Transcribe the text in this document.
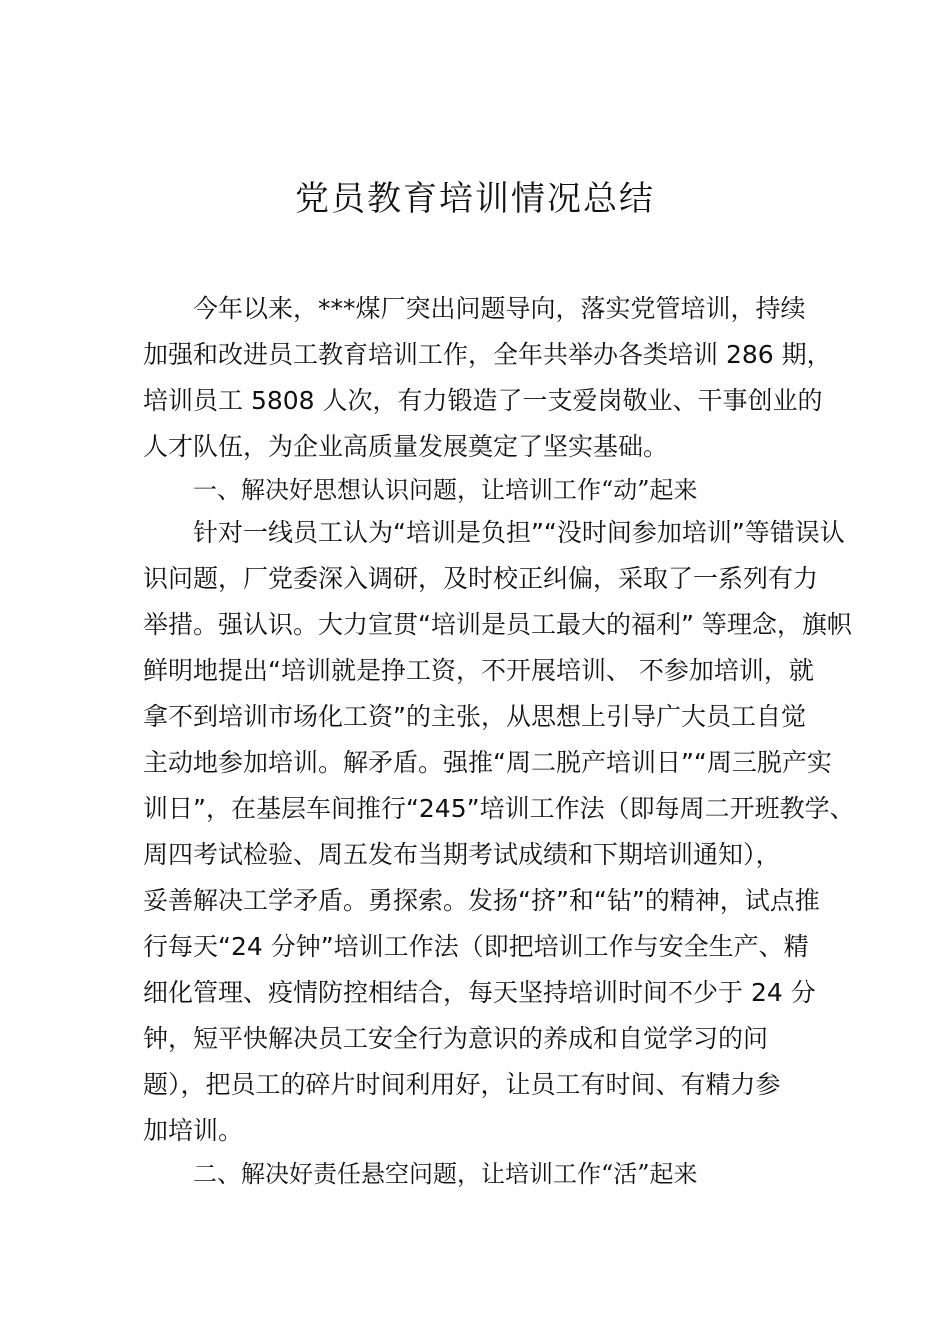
党员教育培训情况总结
今年以来，***煤厂突出问题导向，落实党管培训，持续
加强和改进员工教育培训工作，全年共举办各类培训 286 期，
培训员工 5808 人次，有力锻造了一支爱岗敬业、干事创业的
人才队伍，为企业高质量发展奠定了坚实基础。
一、解决好思想认识问题，让培训工作“动”起来
针对一线员工认为“培训是负担”“没时间参加培训”等错误认
识问题，厂党委深入调研，及时校正纠偏，采取了一系列有力
举措。强认识。大力宣贯“培训是员工最大的福利” 等理念，旗帜
鲜明地提出“培训就是挣工资，不开展培训、 不参加培训，就
拿不到培训市场化工资”的主张，从思想上引导广大员工自觉
主动地参加培训。解矛盾。强推“周二脱产培训日”“周三脱产实
训日”，在基层车间推行“245”培训工作法（即每周二开班教学、
周四考试检验、周五发布当期考试成绩和下期培训通知），
妥善解决工学矛盾。勇探索。发扬“挤”和“钻”的精神，试点推
行每天“24 分钟”培训工作法（即把培训工作与安全生产、精
细化管理、疫情防控相结合，每天坚持培训时间不少于 24 分
钟，短平快解决员工安全行为意识的养成和自觉学习的问
题），把员工的碎片时间利用好，让员工有时间、有精力参
加培训。
二、解决好责任悬空问题，让培训工作“活”起来
